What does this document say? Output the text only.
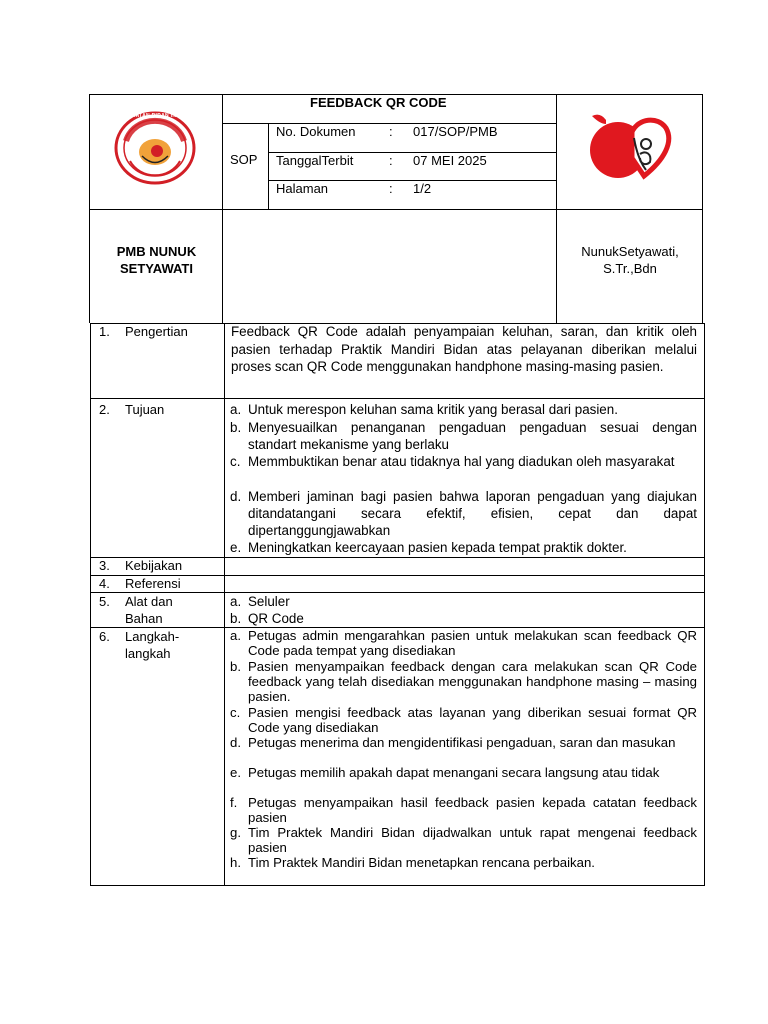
IKATAN BIDAN INDONESIA
FEEDBACK QR CODE
SOP
No. Dokumen	: 017/SOP/PMB
TanggalTerbit	: 07 MEI 2025
Halaman	: 1/2
PMB NUNUK
SETYAWATI
NunukSetyawati,
S.Tr.,Bdn
1. Pengertian	Feedback QR Code adalah penyampaian keluhan, saran, dan kritik oleh pasien terhadap Praktik Mandiri Bidan atas pelayanan diberikan melalui proses scan QR Code menggunakan handphone masing-masing pasien.
2. Tujuan	a. Untuk merespon keluhan sama kritik yang berasal dari pasien.
b. Menyesuailkan penanganan pengaduan pengaduan sesuai dengan standart mekanisme yang berlaku
c. Memmbuktikan benar atau tidaknya hal yang diadukan oleh masyarakat
d. Memberi jaminan bagi pasien bahwa laporan pengaduan yang diajukan ditandatangani secara efektif, efisien, cepat dan dapat dipertanggungjawabkan
e. Meningkatkan keercayaan pasien kepada tempat praktik dokter.
3. Kebijakan
4. Referensi
5. Alat dan
Bahan
a. Seluler
b. QR Code
6. Langkah-
langkah
a. Petugas admin mengarahkan pasien untuk melakukan scan feedback QR Code pada tempat yang disediakan
b. Pasien menyampaikan feedback dengan cara melakukan scan QR Code feedback yang telah disediakan menggunakan handphone masing – masing pasien.
c. Pasien mengisi feedback atas layanan yang diberikan sesuai format QR Code yang disediakan
d. Petugas menerima dan mengidentifikasi pengaduan, saran dan masukan
e. Petugas memilih apakah dapat menangani secara langsung atau tidak
f. Petugas menyampaikan hasil feedback pasien kepada catatan feedback pasien
g. Tim Praktek Mandiri Bidan dijadwalkan untuk rapat mengenai feedback pasien
h. Tim Praktek Mandiri Bidan menetapkan rencana perbaikan.
